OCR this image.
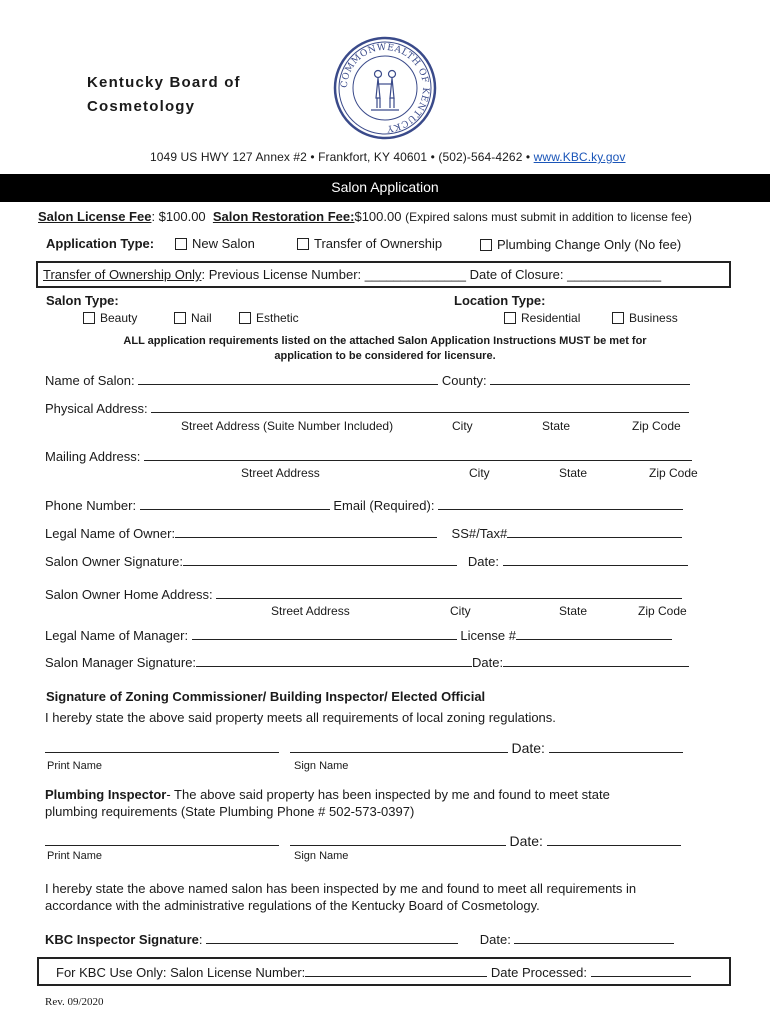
Kentucky Board of
Cosmetology
COMMONWEALTH OF KENTUCKY
1049 US HWY 127 Annex #2 • Frankfort, KY 40601 • (502)-564-4262 • www.KBC.ky.gov
Salon Application
Salon License Fee: $100.00 Salon Restoration Fee:$100.00 (Expired salons must submit in addition to license fee)
Application Type:	New Salon	Transfer of Ownership	Plumbing Change Only (No fee)
Transfer of Ownership Only: Previous License Number: ______________ Date of Closure: _____________
Salon Type:
Beauty	Nail	Esthetic
Location Type:
Residential	Business
ALL application requirements listed on the attached Salon Application Instructions MUST be met for
application to be considered for licensure.
Name of Salon:	County:
Physical Address:
Street Address (Suite Number Included)	City	State	Zip Code
Mailing Address:
Street Address	City	State	Zip Code
Phone Number:	Email (Required):
Legal Name of Owner:	SS#/Tax#
Salon Owner Signature:	Date:
Salon Owner Home Address:
Street Address	City	State	Zip Code
Legal Name of Manager:	License #
Salon Manager Signature:	Date:
Signature of Zoning Commissioner/ Building Inspector/ Elected Official
I hereby state the above said property meets all requirements of local zoning regulations.
Date:
Print Name	Sign Name
Plumbing Inspector- The above said property has been inspected by me and found to meet state
plumbing requirements (State Plumbing Phone # 502-573-0397)
Date:
Print Name	Sign Name
I hereby state the above named salon has been inspected by me and found to meet all requirements in
accordance with the administrative regulations of the Kentucky Board of Cosmetology.
KBC Inspector Signature:	Date:
For KBC Use Only: Salon License Number:	Date Processed:
Rev. 09/2020
